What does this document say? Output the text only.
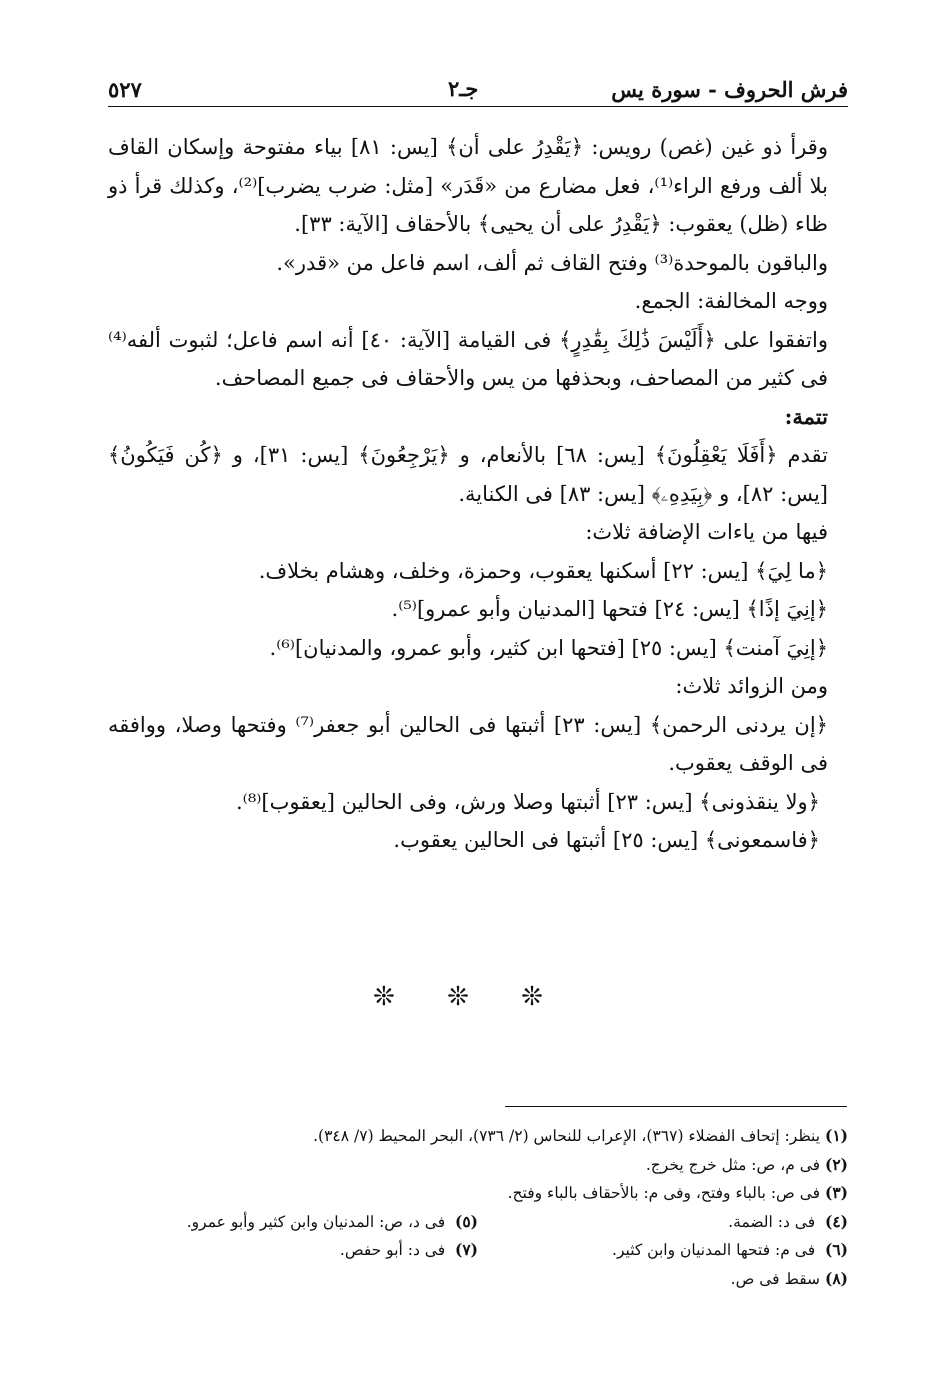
فرش الحروف - سورة يس
جـ٢
٥٢٧

وقرأ ذو غين (غص) رويس: ﴿يَقْدِرُ على أن﴾ [يس: ٨١] بياء مفتوحة وإسكان القاف بلا ألف ورفع الراء⁽¹⁾، فعل مضارع من «قَدَر» [مثل: ضرب يضرب]⁽²⁾، وكذلك قرأ ذو ظاء (ظل) يعقوب: ﴿يَقْدِرُ على أن يحيى﴾ بالأحقاف [الآية: ٣٣].

والباقون بالموحدة⁽³⁾ وفتح القاف ثم ألف، اسم فاعل من «قدر».

ووجه المخالفة: الجمع.

واتفقوا على ﴿أَلَيْسَ ذَٰلِكَ بِقَٰدِرٍ﴾ فى القيامة [الآية: ٤٠] أنه اسم فاعل؛ لثبوت ألفه⁽⁴⁾ فى كثير من المصاحف، وبحذفها من يس والأحقاف فى جميع المصاحف.

تتمة:

تقدم ﴿أَفَلَا يَعْقِلُونَ﴾ [يس: ٦٨] بالأنعام، و ﴿يَرْجِعُونَ﴾ [يس: ٣١]، و ﴿كُن فَيَكُونُ﴾ [يس: ٨٢]، و ﴿بِيَدِهِۦ﴾ [يس: ٨٣] فى الكناية.

فيها من ياءات الإضافة ثلاث:

﴿ما لِيَ﴾ [يس: ٢٢] أسكنها يعقوب، وحمزة، وخلف، وهشام بخلاف.

﴿إنِيَ إذًا﴾ [يس: ٢٤] فتحها [المدنيان وأبو عمرو]⁽⁵⁾.

﴿إنِيَ آمنت﴾ [يس: ٢٥] [فتحها ابن كثير، وأبو عمرو، والمدنيان]⁽⁶⁾.

ومن الزوائد ثلاث:

﴿إن يردنى الرحمن﴾ [يس: ٢٣] أثبتها فى الحالين أبو جعفر⁽⁷⁾ وفتحها وصلا، ووافقه فى الوقف يعقوب.

﴿ولا ينقذونى﴾ [يس: ٢٣] أثبتها وصلا ورش، وفى الحالين [يعقوب]⁽⁸⁾.

﴿فاسمعونى﴾ [يس: ٢٥] أثبتها فى الحالين يعقوب.

❊ ❊ ❊
(١)

ينظر: إتحاف الفضلاء (٣٦٧)، الإعراب للنحاس (٢/ ٧٣٦)، البحر المحيط (٧/ ٣٤٨).
(٢)

فى م، ص: مثل خرج يخرج.
(٣)

فى ص: بالباء وفتح، وفى م: بالأحقاف بالباء وفتح.
(٤)  فى د: الضمة.
(٥)  فى د، ص: المدنيان وابن كثير وأبو عمرو.
(٦)  فى م: فتحها المدنيان وابن كثير.
(٧)  فى د: أبو حفص.
(٨)

سقط فى ص.
